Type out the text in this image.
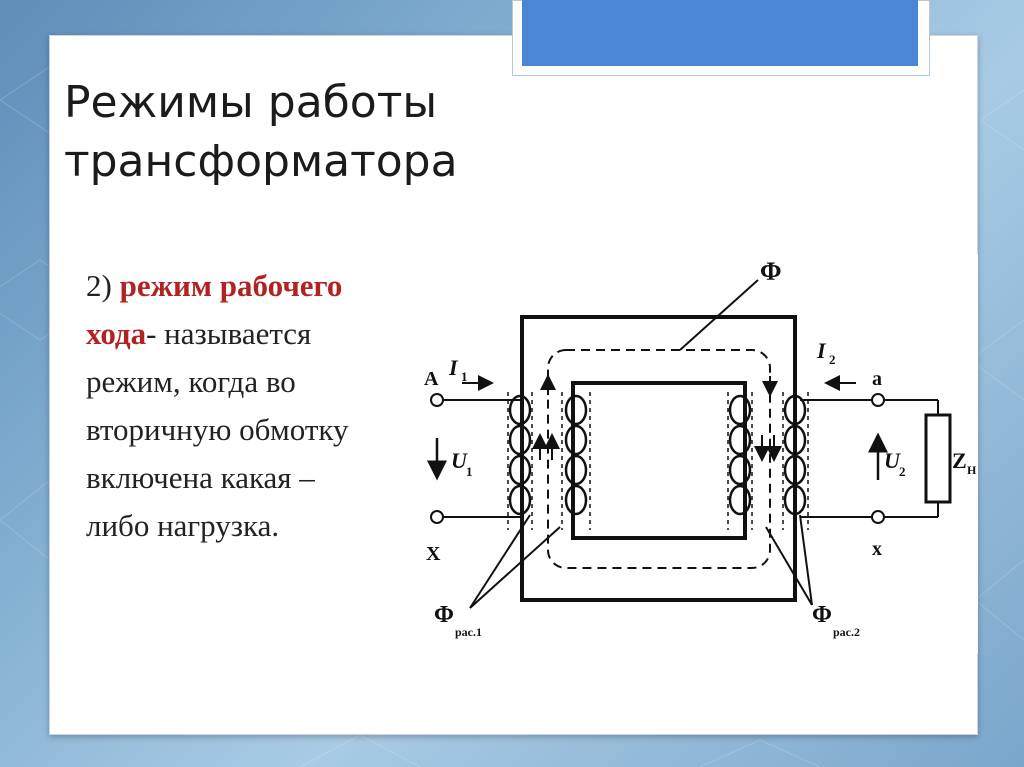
Режимы работы
трансформатора
2) режим рабочего
хода- называется
режим, когда во
вторичную обмотку
включена какая –
либо нагрузка.
Φ
A I 1
U 1
X
I 2
a
U 2
x
Z Н
Φ
рас.1
Φ
рас.2
